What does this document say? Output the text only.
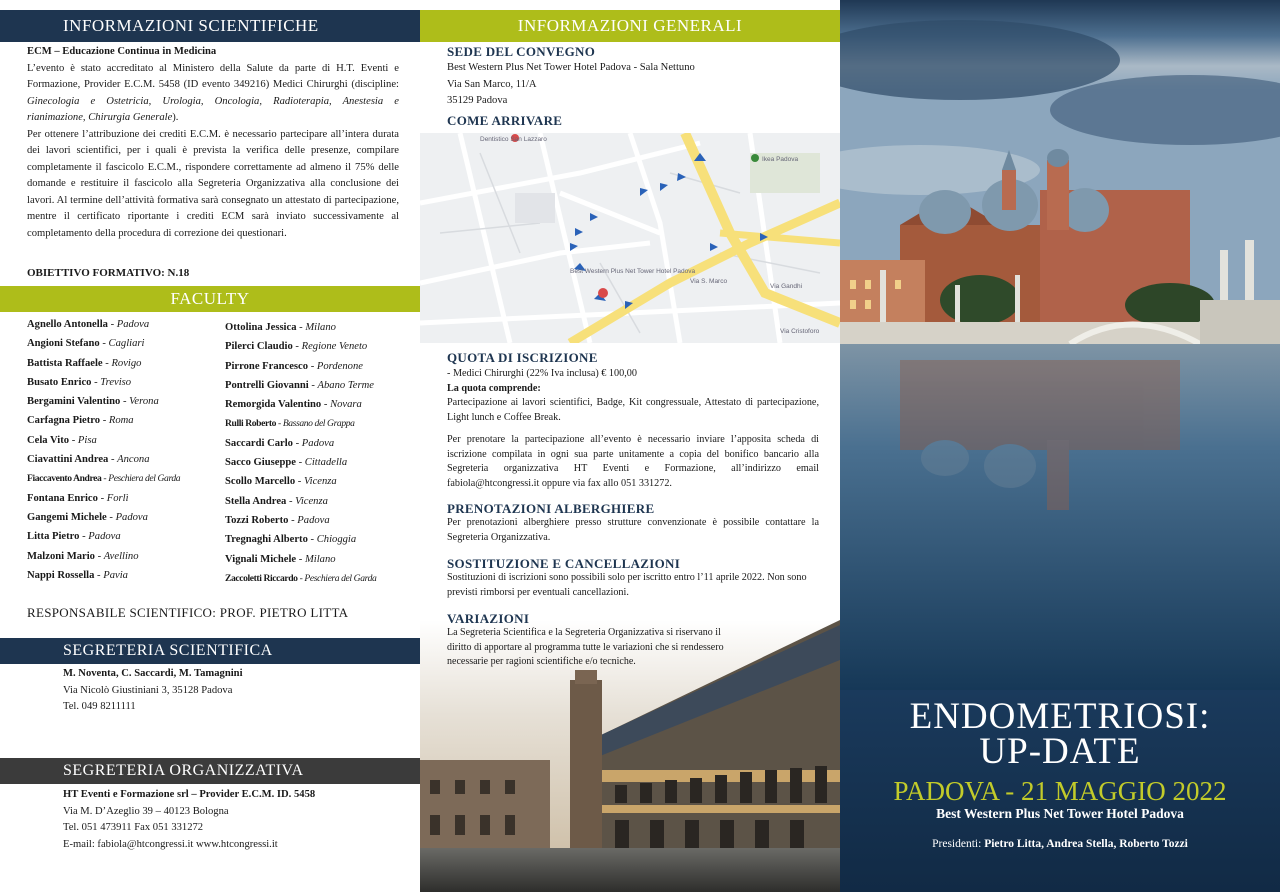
INFORMAZIONI SCIENTIFICHE
ECM – Educazione Continua in Medicina
L’evento è stato accreditato al Ministero della Salute da parte di H.T. Eventi e Formazione, Provider E.C.M. 5458 (ID evento 349216) Medici Chirurghi (discipline: Ginecologia e Ostetricia, Urologia, Oncologia, Radioterapia, Anestesia e rianimazione, Chirurgia Generale).
Per ottenere l’attribuzione dei crediti E.C.M. è necessario partecipare all’intera durata dei lavori scientifici, per i quali è prevista la verifica delle presenze, compilare completamente il fascicolo E.C.M., rispondere correttamente ad almeno il 75% delle domande e restituire il fascicolo alla Segreteria Organizzativa alla conclusione dei lavori. Al termine dell’attività formativa sarà consegnato un attestato di partecipazione, mentre il certificato riportante i crediti ECM sarà inviato successivamente al completamento della procedura di correzione dei questionari.
OBIETTIVO FORMATIVO: N.18
FACULTY
Agnello Antonella - Padova
Angioni Stefano - Cagliari
Battista Raffaele - Rovigo
Busato Enrico - Treviso
Bergamini Valentino - Verona
Carfagna Pietro - Roma
Cela Vito - Pisa
Ciavattini Andrea - Ancona
Fiaccavento Andrea - Peschiera del Garda
Fontana Enrico - Forlì
Gangemi Michele - Padova
Litta Pietro - Padova
Malzoni Mario - Avellino
Nappi Rossella - Pavia
Ottolina Jessica - Milano
Pilerci Claudio - Regione Veneto
Pirrone Francesco - Pordenone
Pontrelli Giovanni - Abano Terme
Remorgida Valentino - Novara
Rulli Roberto - Bassano del Grappa
Saccardi Carlo - Padova
Sacco Giuseppe - Cittadella
Scollo Marcello - Vicenza
Stella Andrea - Vicenza
Tozzi Roberto - Padova
Tregnaghi Alberto - Chioggia
Vignali Michele - Milano
Zaccoletti Riccardo - Peschiera del Garda
RESPONSABILE SCIENTIFICO: PROF. PIETRO LITTA
SEGRETERIA SCIENTIFICA
M. Noventa, C. Saccardi, M. Tamagnini
Via Nicolò Giustiniani 3, 35128 Padova
Tel. 049 8211111
SEGRETERIA ORGANIZZATIVA
HT Eventi e Formazione srl – Provider E.C.M. ID. 5458
Via M. D’Azeglio 39 – 40123 Bologna
Tel. 051 473911 Fax 051 331272
E-mail: fabiola@htcongressi.it www.htcongressi.it
INFORMAZIONI GENERALI
SEDE DEL CONVEGNO
Best Western Plus Net Tower Hotel Padova - Sala Nettuno
Via San Marco, 11/A
35129 Padova
COME ARRIVARE
Dentistico San Lazzaro
Best Western Plus Net Tower Hotel Padova
Ikea Padova
Via Gandhi
Via S. Marco
Via Cristoforo
QUOTA DI ISCRIZIONE
- Medici Chirurghi (22% Iva inclusa) € 100,00
La quota comprende:
Partecipazione ai lavori scientifici, Badge, Kit congressuale, Attestato di partecipazione, Light lunch e Coffee Break.
Per prenotare la partecipazione all’evento è necessario inviare l’apposita scheda di iscrizione compilata in ogni sua parte unitamente a copia del bonifico bancario alla Segreteria organizzativa HT Eventi e Formazione, all’indirizzo email fabiola@htcongressi.it oppure via fax allo 051 331272.
PRENOTAZIONI ALBERGHIERE
Per prenotazioni alberghiere presso strutture convenzionate è possibile contattare la Segreteria Organizzativa.
SOSTITUZIONE E CANCELLAZIONI
Sostituzioni di iscrizioni sono possibili solo per iscritto entro l’11 aprile 2022. Non sono previsti rimborsi per eventuali cancellazioni.
VARIAZIONI
La Segreteria Scientifica e la Segreteria Organizzativa si riservano il diritto di apportare al programma tutte le variazioni che si rendessero necessarie per ragioni scientifiche e/o tecniche.
ENDOMETRIOSI:
UP-DATE
PADOVA - 21 MAGGIO 2022
Best Western Plus Net Tower Hotel Padova
Presidenti: Pietro Litta, Andrea Stella, Roberto Tozzi
